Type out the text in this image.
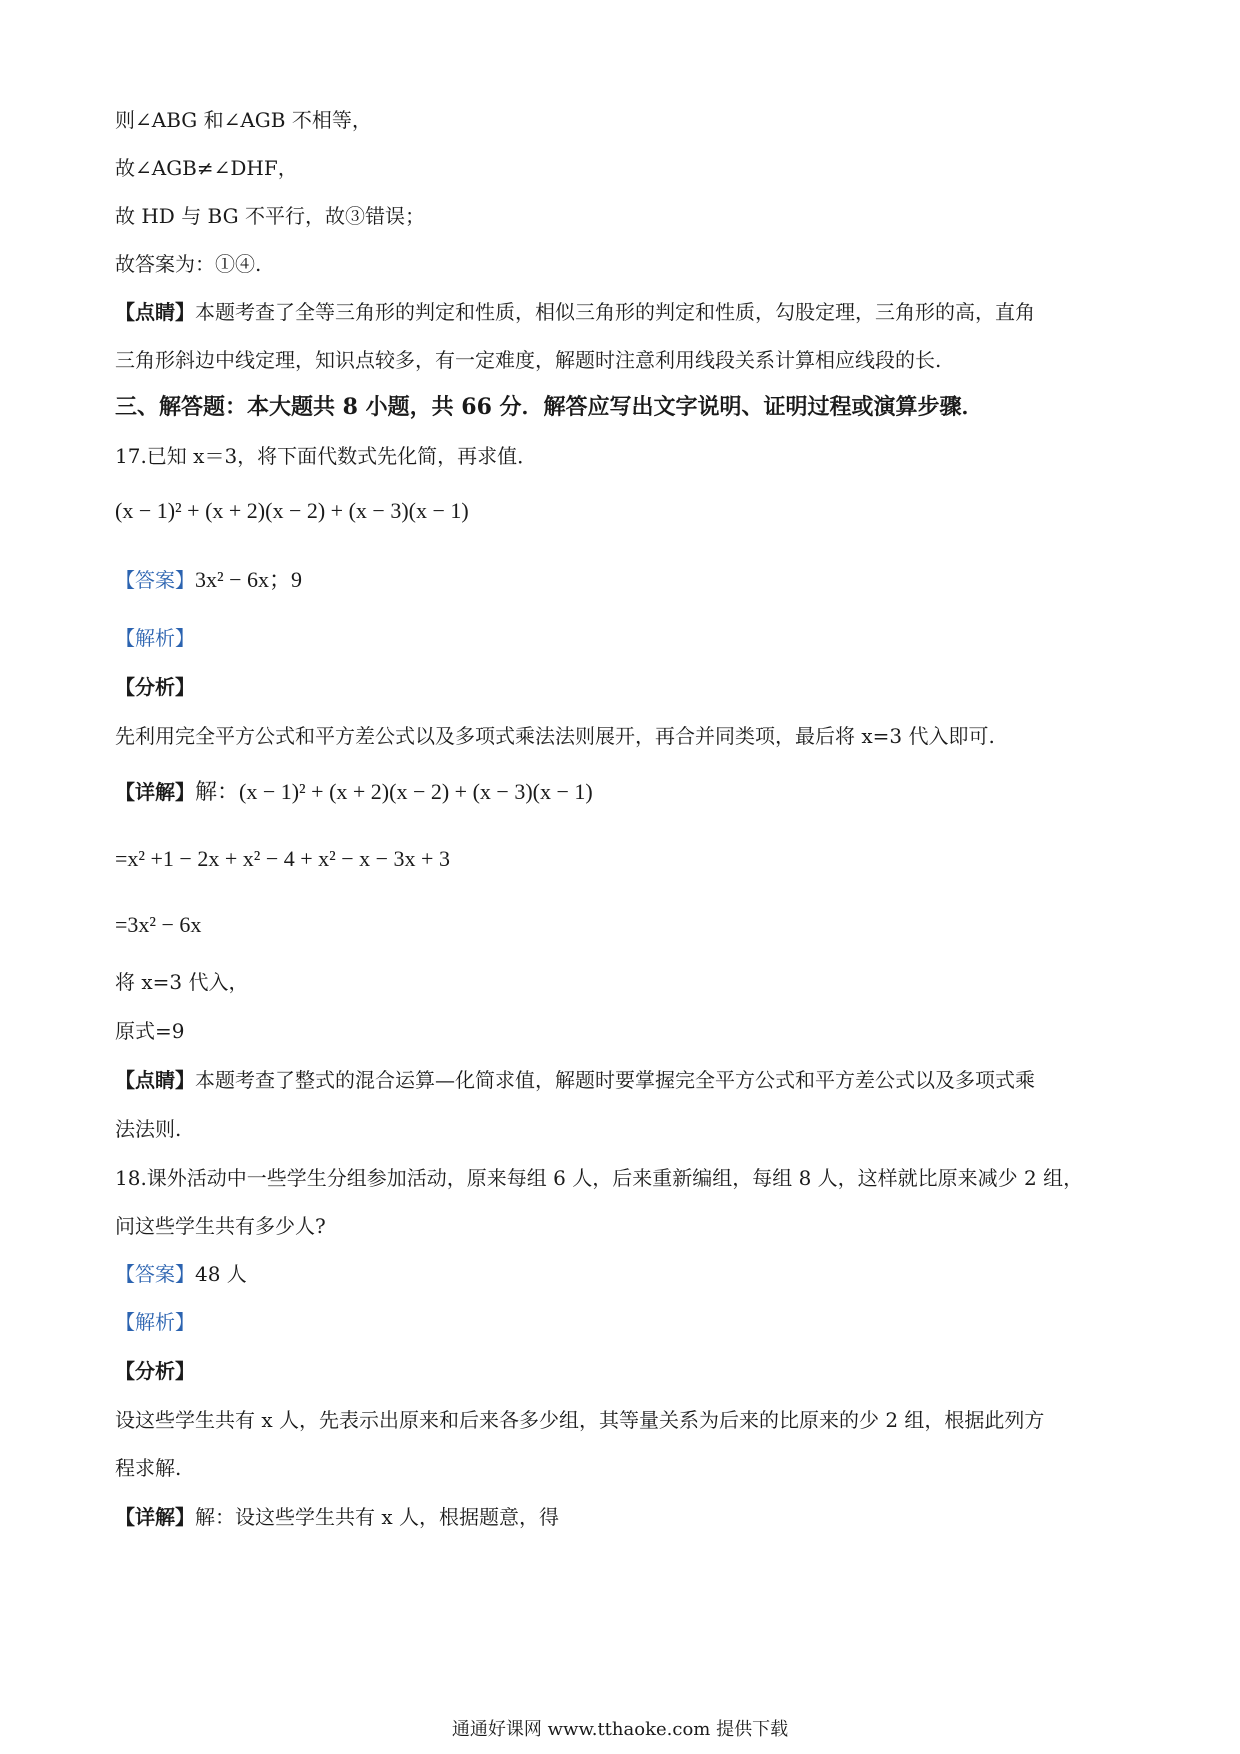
则∠ABG 和∠AGB 不相等，
故∠AGB≠∠DHF，
故 HD 与 BG 不平行，故③错误；
故答案为：①④.
【点睛】本题考查了全等三角形的判定和性质，相似三角形的判定和性质，勾股定理，三角形的高，直角
三角形斜边中线定理，知识点较多，有一定难度，解题时注意利用线段关系计算相应线段的长.
三、解答题：本大题共 8 小题，共 66 分．解答应写出文字说明、证明过程或演算步骤．
17.已知 x＝3，将下面代数式先化简，再求值．
(x − 1)² + (x + 2)(x − 2) + (x − 3)(x − 1)
【答案】3x² − 6x；9
【解析】
【分析】
先利用完全平方公式和平方差公式以及多项式乘法法则展开，再合并同类项，最后将 x=3 代入即可.
【详解】解：(x − 1)² + (x + 2)(x − 2) + (x − 3)(x − 1)
=x² +1 − 2x + x² − 4 + x² − x − 3x + 3
=3x² − 6x
将 x=3 代入，
原式=9
【点睛】本题考查了整式的混合运算—化简求值，解题时要掌握完全平方公式和平方差公式以及多项式乘
法法则.
18.课外活动中一些学生分组参加活动，原来每组 6 人，后来重新编组，每组 8 人，这样就比原来减少 2 组，
问这些学生共有多少人?
【答案】48 人
【解析】
【分析】
设这些学生共有 x 人，先表示出原来和后来各多少组，其等量关系为后来的比原来的少 2 组，根据此列方
程求解.
【详解】解：设这些学生共有 x 人，根据题意，得
通通好课网 www.tthaoke.com 提供下载
